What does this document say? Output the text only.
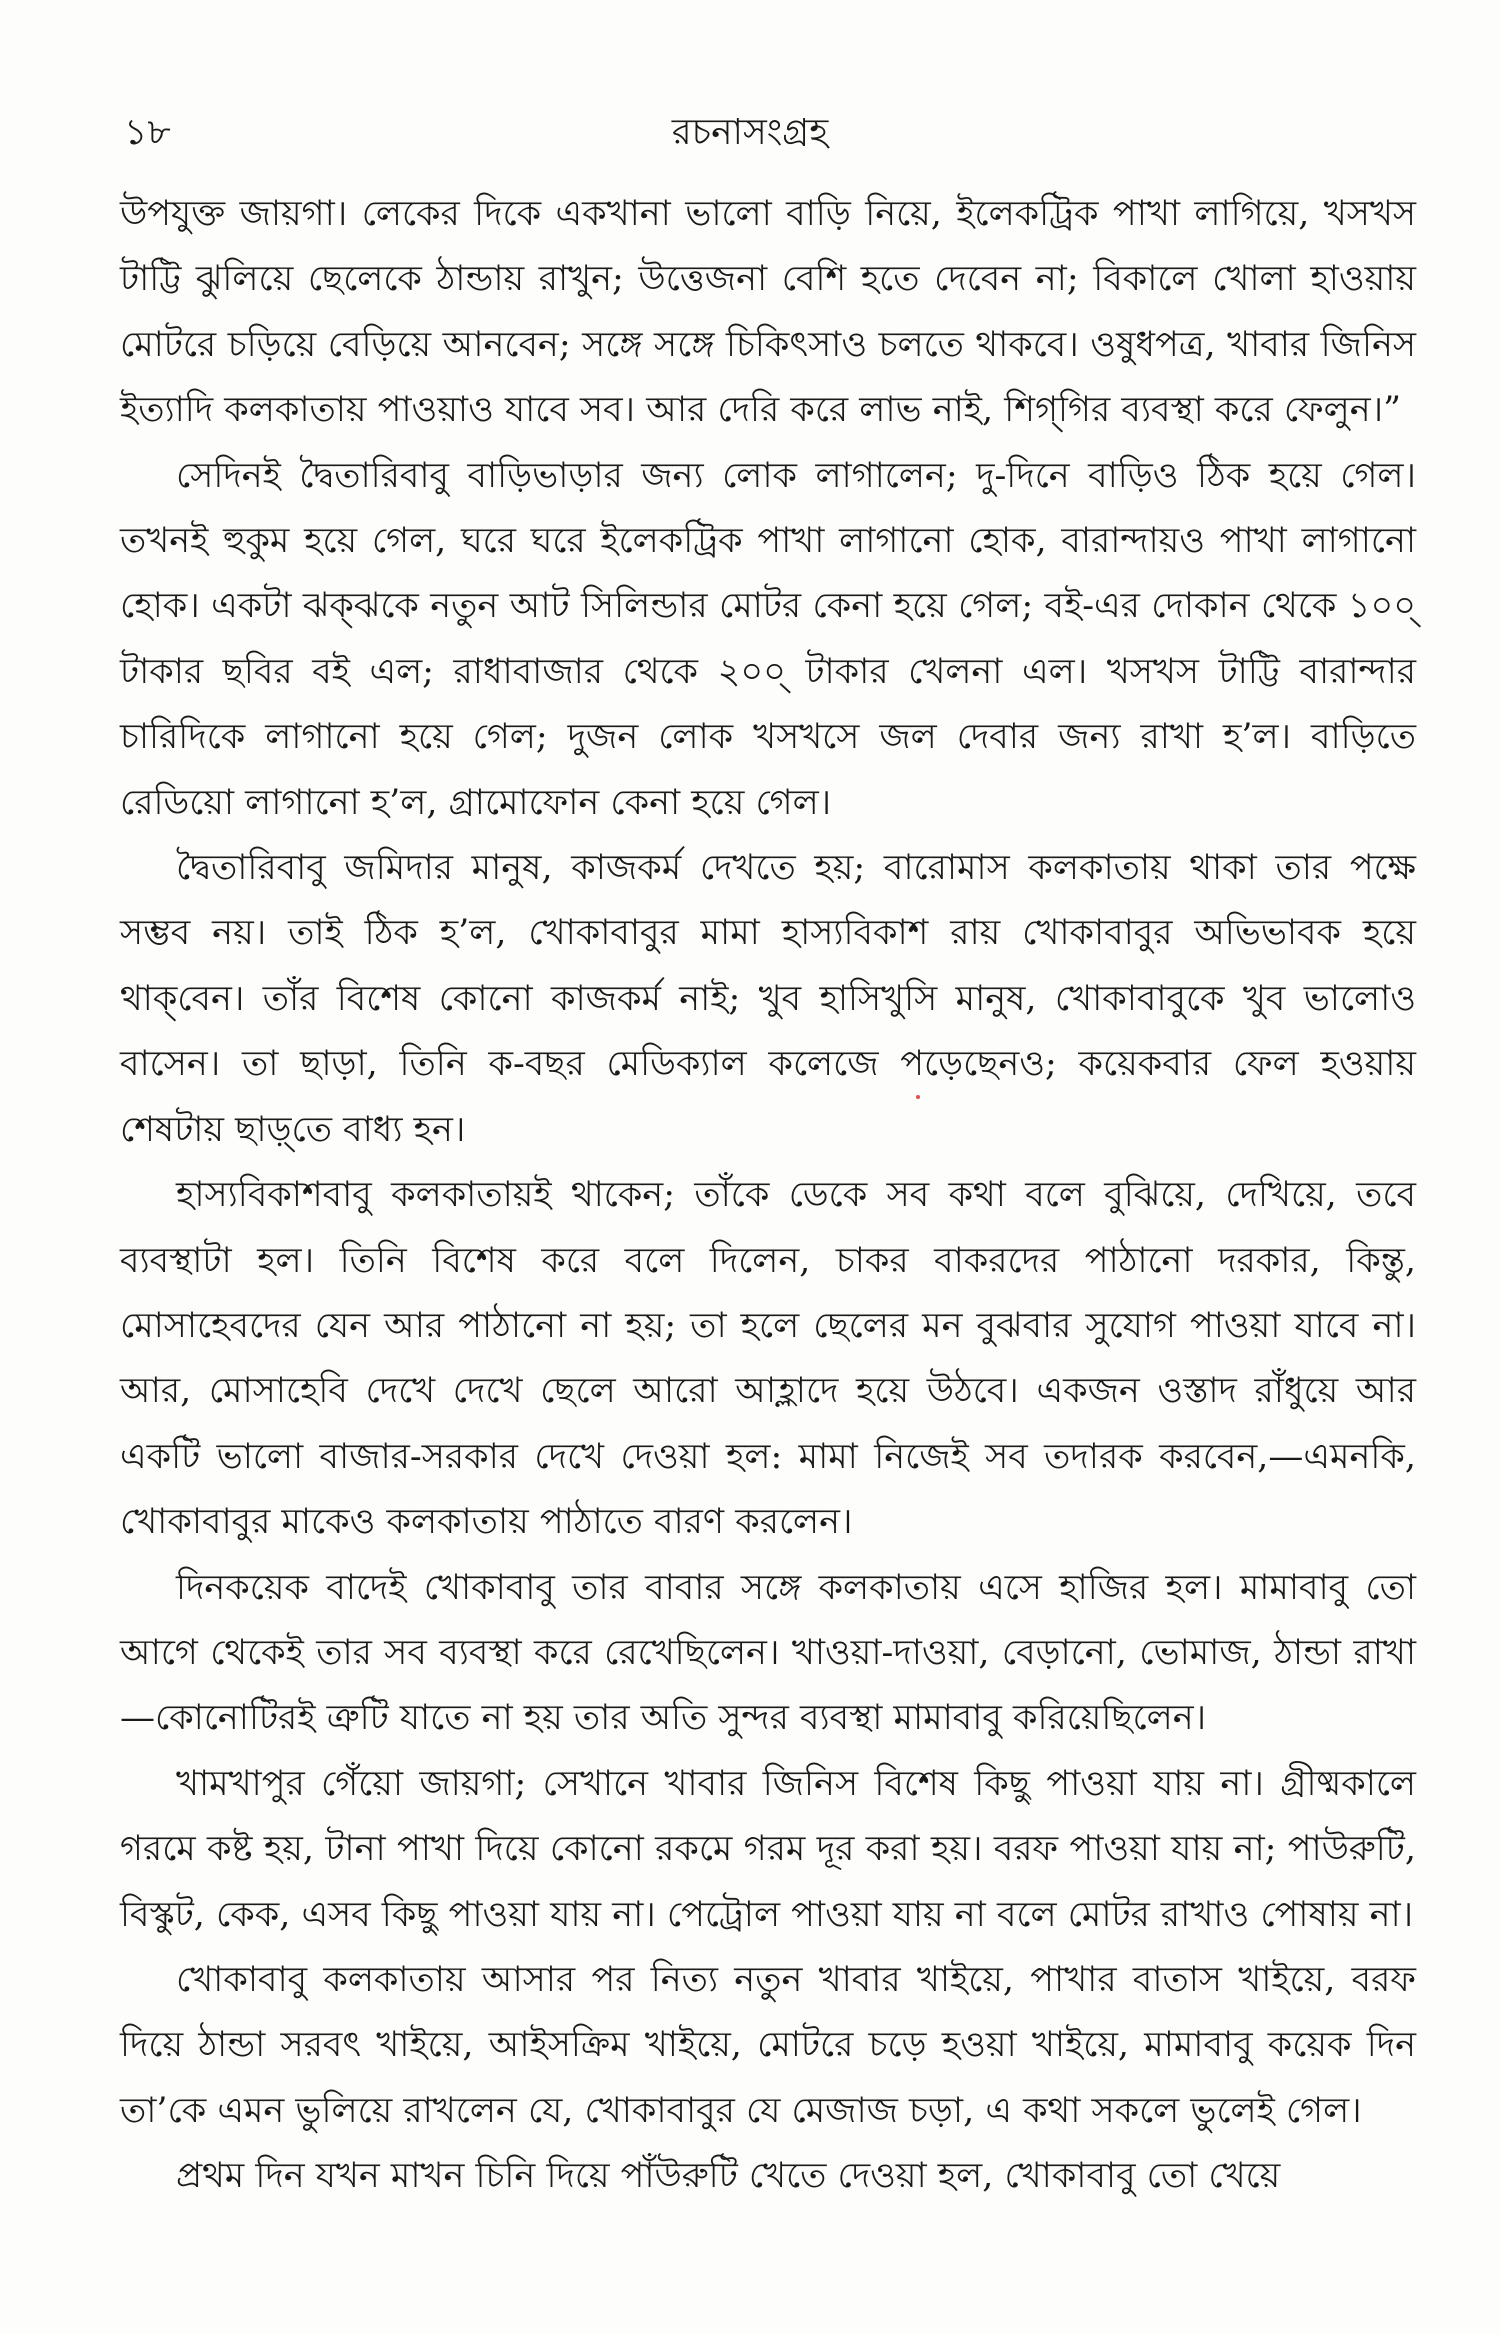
১৮	রচনাসংগ্রহ

উপযুক্ত জায়গা। লেকের দিকে একখানা ভালো বাড়ি নিয়ে, ইলেকট্রিক পাখা লাগিয়ে, খসখস টাট্টি ঝুলিয়ে ছেলেকে ঠান্ডায় রাখুন; উত্তেজনা বেশি হতে দেবেন না; বিকালে খোলা হাওয়ায় মোটরে চড়িয়ে বেড়িয়ে আনবেন; সঙ্গে সঙ্গে চিকিৎসাও চলতে থাকবে। ওষুধপত্র, খাবার জিনিস ইত্যাদি কলকাতায় পাওয়াও যাবে সব। আর দেরি করে লাভ নাই, শিগ্‌গির ব্যবস্থা করে ফেলুন।”

সেদিনই দ্বৈতারিবাবু বাড়িভাড়ার জন্য লোক লাগালেন; দু-দিনে বাড়িও ঠিক হয়ে গেল। তখনই হুকুম হয়ে গেল, ঘরে ঘরে ইলেকট্রিক পাখা লাগানো হোক, বারান্দায়ও পাখা লাগানো হোক। একটা ঝক্‌ঝকে নতুন আট সিলিন্ডার মোটর কেনা হয়ে গেল; বই-এর দোকান থেকে ১০০্‌ টাকার ছবির বই এল; রাধাবাজার থেকে ২০০্‌ টাকার খেলনা এল। খসখস টাট্টি বারান্দার চারিদিকে লাগানো হয়ে গেল; দুজন লোক খসখসে জল দেবার জন্য রাখা হ’ল। বাড়িতে রেডিয়ো লাগানো হ’ল, গ্রামোফোন কেনা হয়ে গেল।

দ্বৈতারিবাবু জমিদার মানুষ, কাজকর্ম দেখতে হয়; বারোমাস কলকাতায় থাকা তার পক্ষে সম্ভব নয়। তাই ঠিক হ’ল, খোকাবাবুর মামা হাস্যবিকাশ রায় খোকাবাবুর অভিভাবক হয়ে থাক্‌বেন। তাঁর বিশেষ কোনো কাজকর্ম নাই; খুব হাসিখুসি মানুষ, খোকাবাবুকে খুব ভালোও বাসেন। তা ছাড়া, তিনি ক-বছর মেডিক্যাল কলেজে পড়েছেনও; কয়েকবার ফেল হওয়ায় শেষটায় ছাড়্‌তে বাধ্য হন।

হাস্যবিকাশবাবু কলকাতায়ই থাকেন; তাঁকে ডেকে সব কথা বলে বুঝিয়ে, দেখিয়ে, তবে ব্যবস্থাটা হল। তিনি বিশেষ করে বলে দিলেন, চাকর বাকরদের পাঠানো দরকার, কিন্তু, মোসাহেবদের যেন আর পাঠানো না হয়; তা হলে ছেলের মন বুঝবার সুযোগ পাওয়া যাবে না। আর, মোসাহেবি দেখে দেখে ছেলে আরো আহ্লাদে হয়ে উঠবে। একজন ওস্তাদ রাঁধুয়ে আর একটি ভালো বাজার-সরকার দেখে দেওয়া হল: মামা নিজেই সব তদারক করবেন,—এমনকি, খোকাবাবুর মাকেও কলকাতায় পাঠাতে বারণ করলেন।

দিনকয়েক বাদেই খোকাবাবু তার বাবার সঙ্গে কলকাতায় এসে হাজির হল। মামাবাবু তো আগে থেকেই তার সব ব্যবস্থা করে রেখেছিলেন। খাওয়া-দাওয়া, বেড়ানো, ভোমাজ, ঠান্ডা রাখা—কোনোটিরই ত্রুটি যাতে না হয় তার অতি সুন্দর ব্যবস্থা মামাবাবু করিয়েছিলেন।

খামখাপুর গেঁয়ো জায়গা; সেখানে খাবার জিনিস বিশেষ কিছু পাওয়া যায় না। গ্রীষ্মকালে গরমে কষ্ট হয়, টানা পাখা দিয়ে কোনো রকমে গরম দূর করা হয়। বরফ পাওয়া যায় না; পাউরুটি, বিস্কুট, কেক, এসব কিছু পাওয়া যায় না। পেট্রোল পাওয়া যায় না বলে মোটর রাখাও পোষায় না।

খোকাবাবু কলকাতায় আসার পর নিত্য নতুন খাবার খাইয়ে, পাখার বাতাস খাইয়ে, বরফ দিয়ে ঠান্ডা সরবৎ খাইয়ে, আইসক্রিম খাইয়ে, মোটরে চড়ে হওয়া খাইয়ে, মামাবাবু কয়েক দিন তা’কে এমন ভুলিয়ে রাখলেন যে, খোকাবাবুর যে মেজাজ চড়া, এ কথা সকলে ভুলেই গেল।

প্রথম দিন যখন মাখন চিনি দিয়ে পাঁউরুটি খেতে দেওয়া হল, খোকাবাবু তো খেয়ে
